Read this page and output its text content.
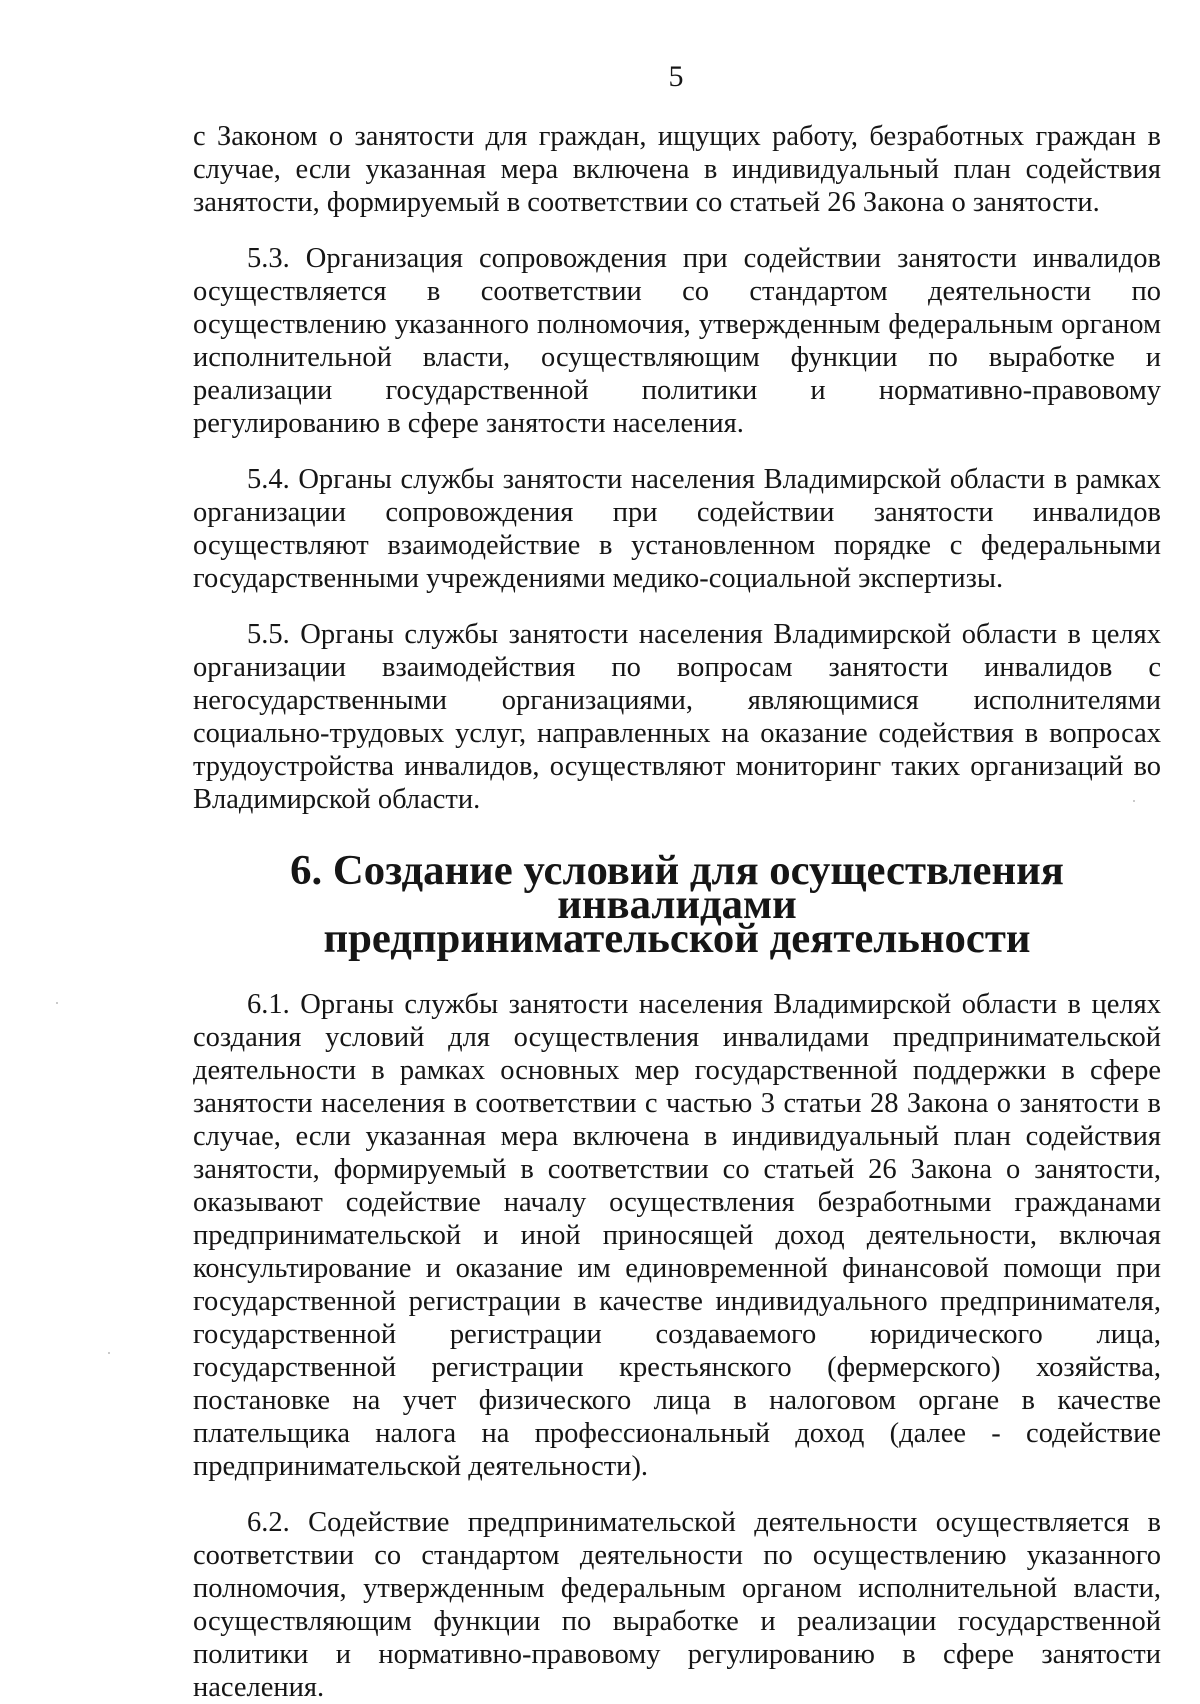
5

с Законом о занятости для граждан, ищущих работу, безработных граждан в случае, если указанная мера включена в индивидуальный план содействия занятости, формируемый в соответствии со статьей 26 Закона о занятости.

5.3. Организация сопровождения при содействии занятости инвалидов осуществляется в соответствии со стандартом деятельности по осуществлению указанного полномочия, утвержденным федеральным органом исполнительной власти, осуществляющим функции по выработке и реализации государственной политики и нормативно-правовому регулированию в сфере занятости населения.

5.4. Органы службы занятости населения Владимирской области в рамках организации сопровождения при содействии занятости инвалидов осуществляют взаимодействие в установленном порядке с федеральными государственными учреждениями медико-социальной экспертизы.

5.5. Органы службы занятости населения Владимирской области в целях организации взаимодействия по вопросам занятости инвалидов с негосударственными организациями, являющимися исполнителями социально-трудовых услуг, направленных на оказание содействия в вопросах трудоустройства инвалидов, осуществляют мониторинг таких организаций во Владимирской области.

6. Создание условий для осуществления инвалидами
предпринимательской деятельности

6.1. Органы службы занятости населения Владимирской области в целях создания условий для осуществления инвалидами предпринимательской деятельности в рамках основных мер государственной поддержки в сфере занятости населения в соответствии с частью 3 статьи 28 Закона о занятости в случае, если указанная мера включена в индивидуальный план содействия занятости, формируемый в соответствии со статьей 26 Закона о занятости, оказывают содействие началу осуществления безработными гражданами предпринимательской и иной приносящей доход деятельности, включая консультирование и оказание им единовременной финансовой помощи при государственной регистрации в качестве индивидуального предпринимателя, государственной регистрации создаваемого юридического лица, государственной регистрации крестьянского (фермерского) хозяйства, постановке на учет физического лица в налоговом органе в качестве плательщика налога на профессиональный доход (далее - содействие предпринимательской деятельности).

6.2. Содействие предпринимательской деятельности осуществляется в соответствии со стандартом деятельности по осуществлению указанного полномочия, утвержденным федеральным органом исполнительной власти, осуществляющим функции по выработке и реализации государственной политики и нормативно-правовому регулированию в сфере занятости населения.
